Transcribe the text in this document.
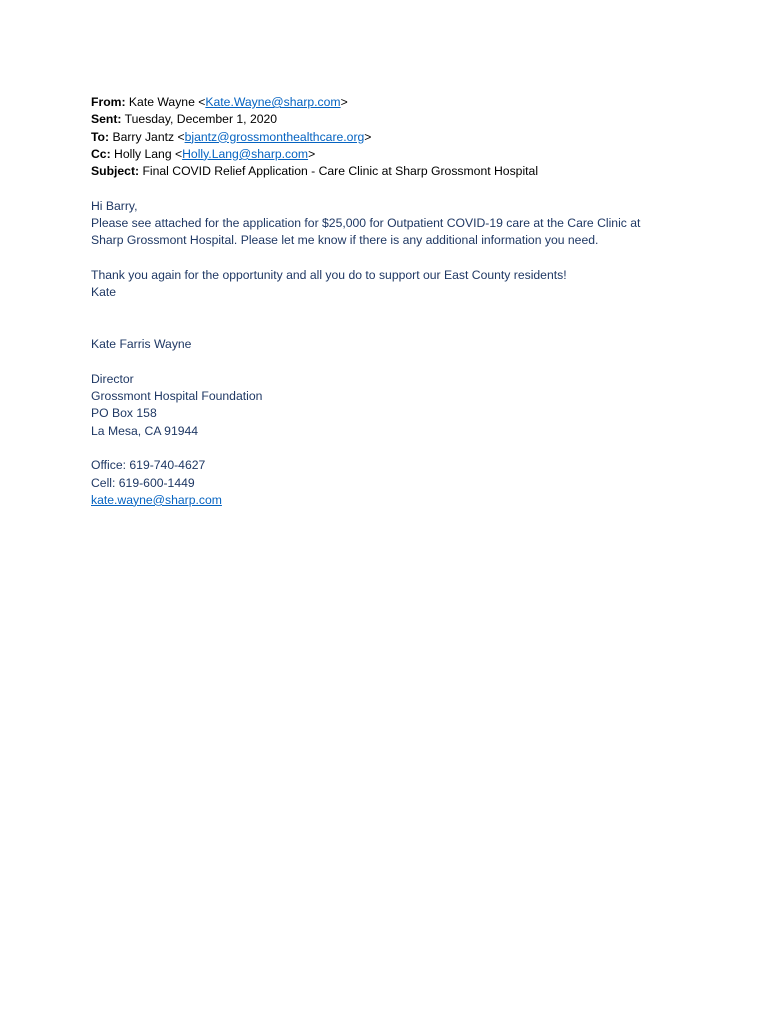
From: Kate Wayne <Kate.Wayne@sharp.com>
Sent: Tuesday, December 1, 2020
To: Barry Jantz <bjantz@grossmonthealthcare.org>
Cc: Holly Lang <Holly.Lang@sharp.com>
Subject: Final COVID Relief Application - Care Clinic at Sharp Grossmont Hospital
Hi Barry,
Please see attached for the application for $25,000 for Outpatient COVID-19 care at the Care Clinic at
Sharp Grossmont Hospital. Please let me know if there is any additional information you need.
Thank you again for the opportunity and all you do to support our East County residents!
Kate
Kate Farris Wayne
Director
Grossmont Hospital Foundation
PO Box 158
La Mesa, CA 91944
Office: 619-740-4627
Cell: 619-600-1449
kate.wayne@sharp.com
